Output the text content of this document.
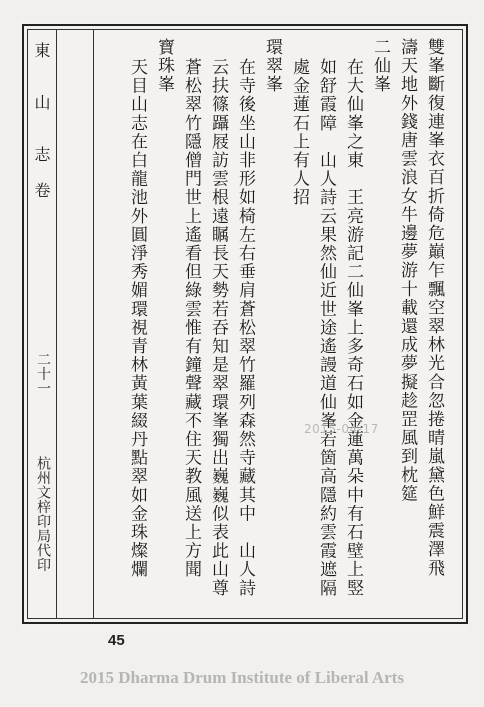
雙峯斷復連峯衣百折倚危巔乍飄空翠林光合忽捲晴嵐黛色鮮震澤飛
濤天地外錢唐雲浪女牛邊夢游十載還成夢擬趁罡風到枕筵
二仙峯
在大仙峯之東　王亮游記二仙峯上多奇石如金蓮萬朵中有石壁上竪
如舒霞障　山人詩云果然仙近世途遙謾道仙峯若箇高隱約雲霞遮隔
處金蓮石上有人招
環翠峯
在寺後坐山非形如椅左右垂肩蒼松翠竹羅列森然寺藏其中　山人詩
云扶篠躡屐訪雲根遠瞩長天勢若吞知是翠環峯獨出巍巍似表此山尊
蒼松翠竹隱僧門世上遙看但綠雲惟有鐘聲藏不住天教風送上方聞
寶珠峯
天目山志在白龍池外圓淨秀媚環視青林黃葉綴丹點翠如金珠燦爛
東　山　志
卷
二十一
杭州文梓印局代印
2015-04-17
45
2015 Dharma Drum Institute of Liberal Arts
